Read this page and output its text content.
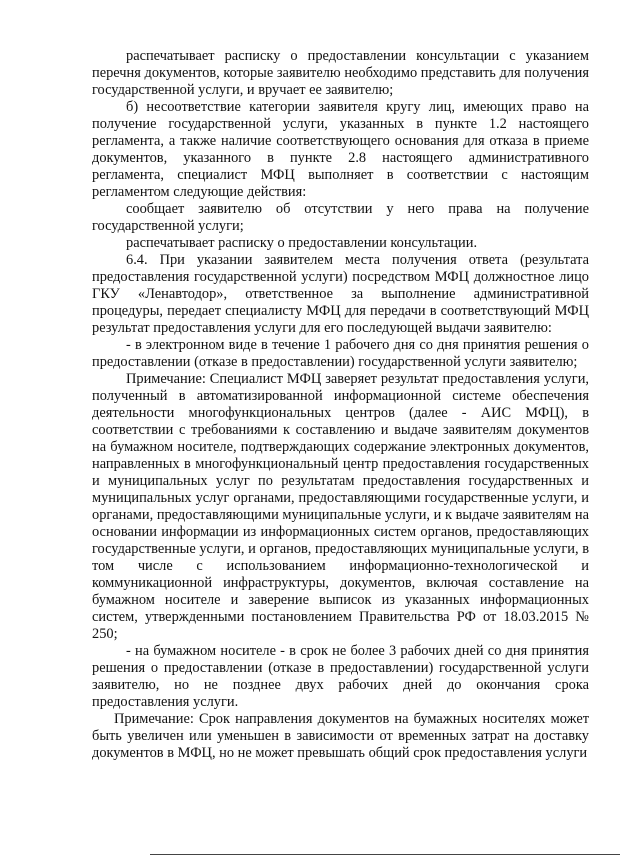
распечатывает расписку о предоставлении консультации с указанием перечня документов, которые заявителю необходимо представить для получения государственной услуги, и вручает ее заявителю;

б) несоответствие категории заявителя кругу лиц, имеющих право на получение государственной услуги, указанных в пункте 1.2 настоящего регламента, а также наличие соответствующего основания для отказа в приеме документов, указанного в пункте 2.8 настоящего административного регламента, специалист МФЦ выполняет в соответствии с настоящим регламентом следующие действия:

сообщает заявителю об отсутствии у него права на получение государственной услуги;

распечатывает расписку о предоставлении консультации.

6.4. При указании заявителем места получения ответа (результата предоставления государственной услуги) посредством МФЦ должностное лицо ГКУ «Ленавтодор», ответственное за выполнение административной процедуры, передает специалисту МФЦ для передачи в соответствующий МФЦ результат предоставления услуги для его последующей выдачи заявителю:

- в электронном виде в течение 1 рабочего дня со дня принятия решения о предоставлении (отказе в предоставлении) государственной услуги заявителю;

Примечание: Специалист МФЦ заверяет результат предоставления услуги, полученный в автоматизированной информационной системе обеспечения деятельности многофункциональных центров (далее - АИС МФЦ), в соответствии с требованиями к составлению и выдаче заявителям документов на бумажном носителе, подтверждающих содержание электронных документов, направленных в многофункциональный центр предоставления государственных и муниципальных услуг по результатам предоставления государственных и муниципальных услуг органами, предоставляющими государственные услуги, и органами, предоставляющими муниципальные услуги, и к выдаче заявителям на основании информации из информационных систем органов, предоставляющих государственные услуги, и органов, предоставляющих муниципальные услуги, в том числе с использованием информационно-технологической и коммуникационной инфраструктуры, документов, включая составление на бумажном носителе и заверение выписок из указанных информационных систем, утвержденными постановлением Правительства РФ от 18.03.2015 № 250;

- на бумажном носителе - в срок не более 3 рабочих дней со дня принятия решения о предоставлении (отказе в предоставлении) государственной услуги заявителю, но не позднее двух рабочих дней до окончания срока предоставления услуги.

Примечание: Срок направления документов на бумажных носителях может быть увеличен или уменьшен в зависимости от временных затрат на доставку документов в МФЦ, но не может превышать общий срок предоставления услуги
